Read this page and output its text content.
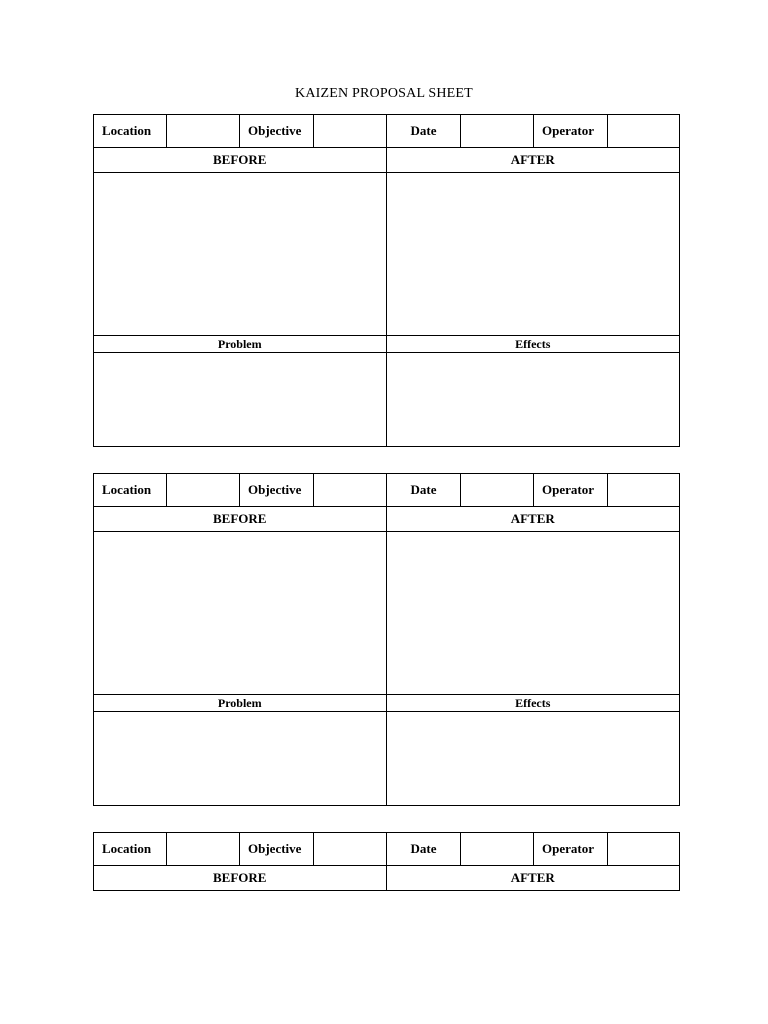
KAIZEN PROPOSAL SHEET
Location	Objective	Date	Operator
BEFORE	AFTER
Problem	Effects
Location	Objective	Date	Operator
BEFORE	AFTER
Problem	Effects
Location	Objective	Date	Operator
BEFORE	AFTER
